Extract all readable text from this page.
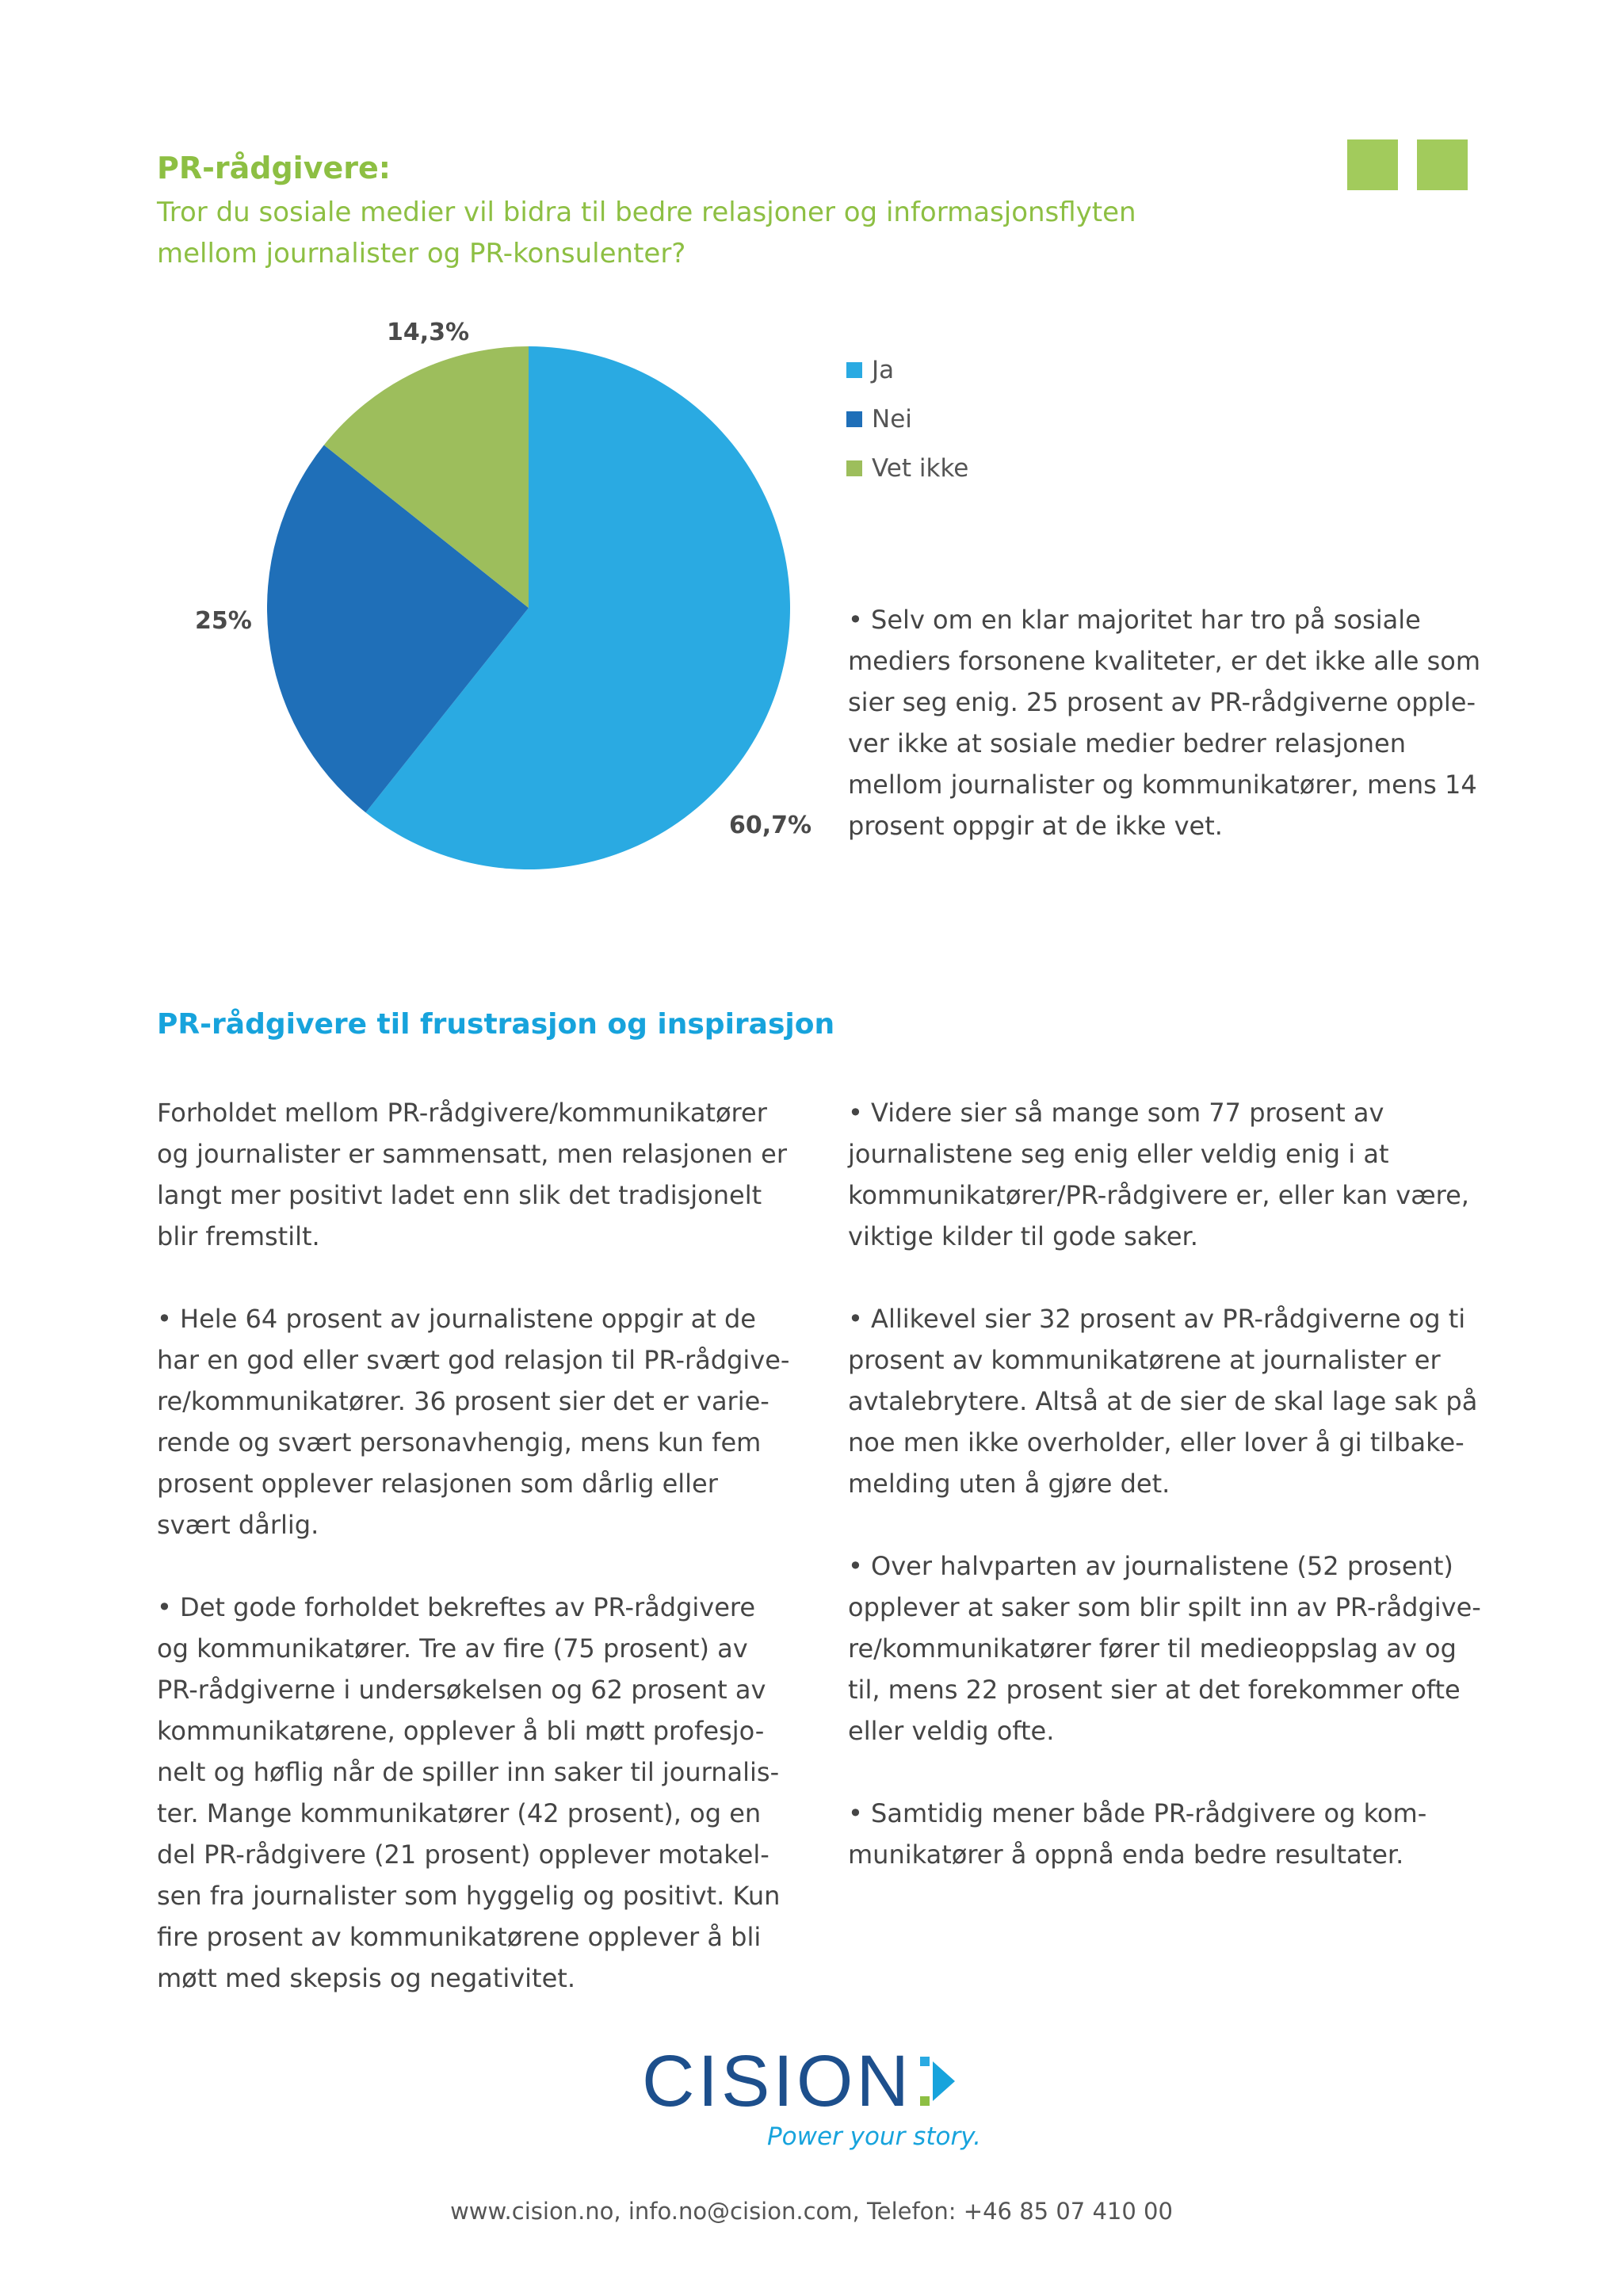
PR-rådgivere:
Tror du sosiale medier vil bidra til bedre relasjoner og informasjonsflyten
mellom journalister og PR-konsulenter?
14,3%
25%
60,7%
Ja
Nei
Vet ikke
• Selv om en klar majoritet har tro på sosiale
mediers forsonene kvaliteter, er det ikke alle som
sier seg enig. 25 prosent av PR-rådgiverne opple-
ver ikke at sosiale medier bedrer relasjonen
mellom journalister og kommunikatører, mens 14
prosent oppgir at de ikke vet.
PR-rådgivere til frustrasjon og inspirasjon
Forholdet mellom PR-rådgivere/kommunikatører
og journalister er sammensatt, men relasjonen er
langt mer positivt ladet enn slik det tradisjonelt
blir fremstilt.
• Hele 64 prosent av journalistene oppgir at de
har en god eller svært god relasjon til PR-rådgive-
re/kommunikatører. 36 prosent sier det er varie-
rende og svært personavhengig, mens kun fem
prosent opplever relasjonen som dårlig eller
svært dårlig.
• Det gode forholdet bekreftes av PR-rådgivere
og kommunikatører. Tre av fire (75 prosent) av
PR-rådgiverne i undersøkelsen og 62 prosent av
kommunikatørene, opplever å bli møtt profesjo-
nelt og høflig når de spiller inn saker til journalis-
ter. Mange kommunikatører (42 prosent), og en
del PR-rådgivere (21 prosent) opplever motakel-
sen fra journalister som hyggelig og positivt. Kun
fire prosent av kommunikatørene opplever å bli
møtt med skepsis og negativitet.
• Videre sier så mange som 77 prosent av
journalistene seg enig eller veldig enig i at
kommunikatører/PR-rådgivere er, eller kan være,
viktige kilder til gode saker.
• Allikevel sier 32 prosent av PR-rådgiverne og ti
prosent av kommunikatørene at journalister er
avtalebrytere. Altså at de sier de skal lage sak på
noe men ikke overholder, eller lover å gi tilbake-
melding uten å gjøre det.
• Over halvparten av journalistene (52 prosent)
opplever at saker som blir spilt inn av PR-rådgive-
re/kommunikatører fører til medieoppslag av og
til, mens 22 prosent sier at det forekommer ofte
eller veldig ofte.
• Samtidig mener både PR-rådgivere og kom-
munikatører å oppnå enda bedre resultater.
CISION
Power your story.
www.cision.no, info.no@cision.com, Telefon: +46 85 07 410 00
